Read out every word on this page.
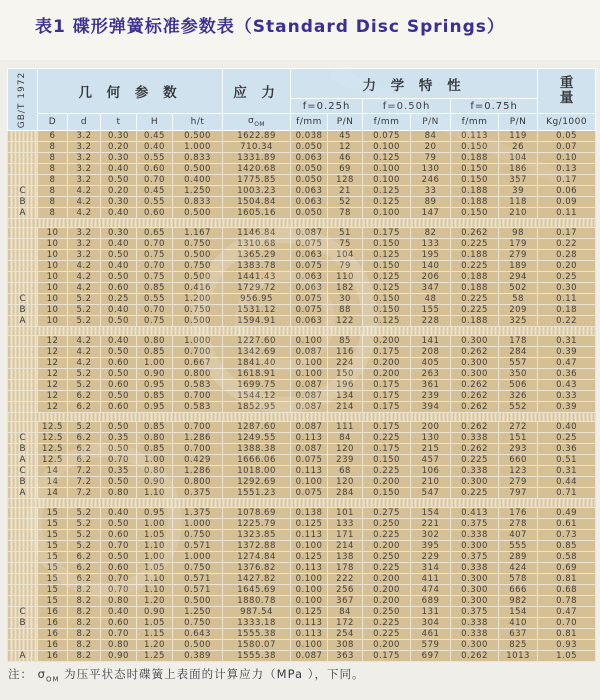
表1 碟形弹簧标准参数表（Standard Disc Springs）
GB/T 1972	几 何 参 数					应 力	力 学 特 性						重
量

							f=0.25h		f=0.50h		f=0.75h		
	D	d	t	H	h/t	$\sigma_{OM}$	f/mm	P/N	f/mm	P/N	f/mm	P/N	Kg/1000
	6	3.2	0.30	0.45	0.500	1622.89	0.038	45	0.075	84	0.113	119	0.05
	8	3.2	0.20	0.40	1.000	710.34	0.050	12	0.100	20	0.150	26	0.07
	8	3.2	0.30	0.55	0.833	1331.89	0.063	46	0.125	79	0.188	104	0.10
	8	3.2	0.40	0.60	0.500	1420.68	0.050	69	0.100	130	0.150	186	0.13
	8	3.2	0.50	0.70	0.400	1775.85	0.050	128	0.100	246	0.150	357	0.17
C	8	4.2	0.20	0.45	1.250	1003.23	0.063	21	0.125	33	0.188	39	0.06
B	8	4.2	0.30	0.55	0.833	1504.84	0.063	52	0.125	89	0.188	118	0.09
A	8	4.2	0.40	0.60	0.500	1605.16	0.050	78	0.100	147	0.150	210	0.11

	10	3.2	0.30	0.65	1.167	1146.84	0.087	51	0.175	82	0.262	98	0.17
	10	3.2	0.40	0.70	0.750	1310.68	0.075	75	0.150	133	0.225	179	0.22
	10	3.2	0.50	0.75	0.500	1365.29	0.063	104	0.125	195	0.188	279	0.28
	10	4.2	0.40	0.70	0.750	1383.78	0.075	79	0.150	140	0.225	189	0.20
	10	4.2	0.50	0.75	0.500	1441.43	0.063	110	0.125	206	0.188	294	0.25
	10	4.2	0.60	0.85	0.416	1729.72	0.063	182	0.125	347	0.188	502	0.30
C	10	5.2	0.25	0.55	1.200	956.95	0.075	30	0.150	48	0.225	58	0.11
B	10	5.2	0.40	0.70	0.750	1531.12	0.075	88	0.150	155	0.225	209	0.18
A	10	5.2	0.50	0.75	0.500	1594.91	0.063	122	0.125	228	0.188	325	0.22

	12	4.2	0.40	0.80	1.000	1227.60	0.100	85	0.200	141	0.300	178	0.31
	12	4.2	0.50	0.85	0.700	1342.69	0.087	116	0.175	208	0.262	284	0.39
	12	4.2	0.60	1.00	0.667	1841.40	0.100	224	0.200	405	0.300	557	0.47
	12	5.2	0.50	0.90	0.800	1618.91	0.100	150	0.200	263	0.300	350	0.36
	12	5.2	0.60	0.95	0.583	1699.75	0.087	196	0.175	361	0.262	506	0.43
	12	6.2	0.50	0.85	0.700	1544.12	0.087	134	0.175	239	0.262	326	0.33
	12	6.2	0.60	0.95	0.583	1852.95	0.087	214	0.175	394	0.262	552	0.39

	12.5	5.2	0.50	0.85	0.700	1287.60	0.087	111	0.175	200	0.262	272	0.40
C	12.5	6.2	0.35	0.80	1.286	1249.55	0.113	84	0.225	130	0.338	151	0.25
B	12.5	6.2	0.50	0.85	0.700	1388.38	0.087	120	0.175	215	0.262	293	0.36
A	12.5	6.2	0.70	1.00	0.429	1666.06	0.075	239	0.150	457	0.225	660	0.51
C	14	7.2	0.35	0.80	1.286	1018.00	0.113	68	0.225	106	0.338	123	0.31
B	14	7.2	0.50	0.90	0.800	1292.69	0.100	120	0.200	210	0.300	279	0.44
A	14	7.2	0.80	1.10	0.375	1551.23	0.075	284	0.150	547	0.225	797	0.71

	15	5.2	0.40	0.95	1.375	1078.69	0.138	101	0.275	154	0.413	176	0.49
	15	5.2	0.50	1.00	1.000	1225.79	0.125	133	0.250	221	0.375	278	0.61
	15	5.2	0.60	1.05	0.750	1323.85	0.113	171	0.225	302	0.338	407	0.73
	15	5.2	0.70	1.10	0.571	1372.88	0.100	214	0.200	395	0.300	555	0.85
	15	6.2	0.50	1.00	1.000	1274.84	0.125	138	0.250	229	0.375	289	0.58
	15	6.2	0.60	1.05	0.750	1376.82	0.113	178	0.225	314	0.338	424	0.69
	15	6.2	0.70	1.10	0.571	1427.82	0.100	222	0.200	411	0.300	578	0.81
	15	8.2	0.70	1.10	0.571	1645.69	0.100	256	0.200	474	0.300	666	0.68
	15	8.2	0.80	1.20	0.500	1880.78	0.100	367	0.200	689	0.300	982	0.78
C	16	8.2	0.40	0.90	1.250	987.54	0.125	84	0.250	131	0.375	154	0.47
B	16	8.2	0.60	1.05	0.750	1333.18	0.113	172	0.225	304	0.338	410	0.70
	16	8.2	0.70	1.15	0.643	1555.38	0.113	254	0.225	461	0.338	637	0.81
	16	8.2	0.80	1.20	0.500	1580.07	0.100	308	0.200	579	0.300	825	0.93
A	16	8.2	0.90	1.25	0.389	1555.38	0.087	363	0.175	697	0.262	1013	1.05
注： $\sigma_{OM}$ 为压平状态时碟簧上表面的计算应力（MPa ），下同。
